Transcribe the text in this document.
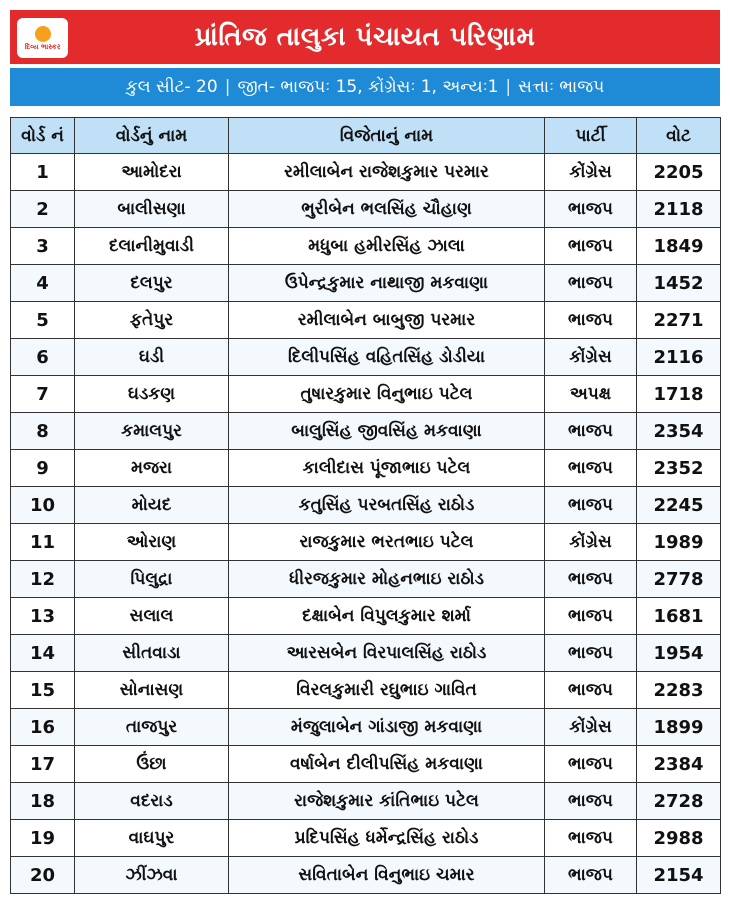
દિવ્ય ભાસ્કર	પ્રાંતિજ તાલુકા પંચાયત પરિણામ
કુલ સીટ- 20 | જીત- ભાજપઃ 15, કોંગ્રેસઃ 1, અન્યઃ1 | સત્તાઃ ભાજપ
વોર્ડ નં	વોર્ડનું નામ	વિજેતાનું નામ	પાર્ટી	વોટ
1	આમોદરા	રમીલાબેન રાજેશકુમાર પરમાર	કોંગ્રેસ	2205
2	બાલીસણા	ભુરીબેન ભલસિંહ ચૌહાણ	ભાજપ	2118
3	દલાનીમુવાડી	મધુબા હમીરસિંહ ઝાલા	ભાજપ	1849
4	દલપુર	ઉપેન્દ્રકુમાર નાથાજી મકવાણા	ભાજપ	1452
5	ફતેપુર	રમીલાબેન બાબુજી પરમાર	ભાજપ	2271
6	ઘડી	દિલીપસિંહ વહિતસિંહ ડોડીયા	કોંગ્રેસ	2116
7	ઘડકણ	તુષારકુમાર વિનુભાઇ પટેલ	અપક્ષ	1718
8	કમાલપુર	બાલુસિંહ જીવસિંહ મકવાણા	ભાજપ	2354
9	મજરા	કાલીદાસ પૂંજાભાઇ પટેલ	ભાજપ	2352
10	મોયદ	કતુસિંહ પરબતસિંહ રાઠોડ	ભાજપ	2245
11	ઓરાણ	રાજકુમાર ભરતભાઇ પટેલ	કોંગ્રેસ	1989
12	પિલુદ્રા	ધીરજકુમાર મોહનભાઇ રાઠોડ	ભાજપ	2778
13	સલાલ	દક્ષાબેન વિપુલકુમાર શર્મા	ભાજપ	1681
14	સીતવાડા	આરસબેન વિરપાલસિંહ રાઠોડ	ભાજપ	1954
15	સોનાસણ	વિરલકુમારી રઘુભાઇ ગાવિત	ભાજપ	2283
16	તાજપુર	મંજુલાબેન ગાંડાજી મકવાણા	કોંગ્રેસ	1899
17	ઉંછા	વર્ષાબેન દીલીપસિંહ મકવાણા	ભાજપ	2384
18	વદરાડ	રાજેશકુમાર કાંતિભાઇ પટેલ	ભાજપ	2728
19	વાઘપુર	પ્રદિપસિંહ ધર્મેન્દ્રસિંહ રાઠોડ	ભાજપ	2988
20	ઝીંઝવા	સવિતાબેન વિનુભાઇ ચમાર	ભાજપ	2154
